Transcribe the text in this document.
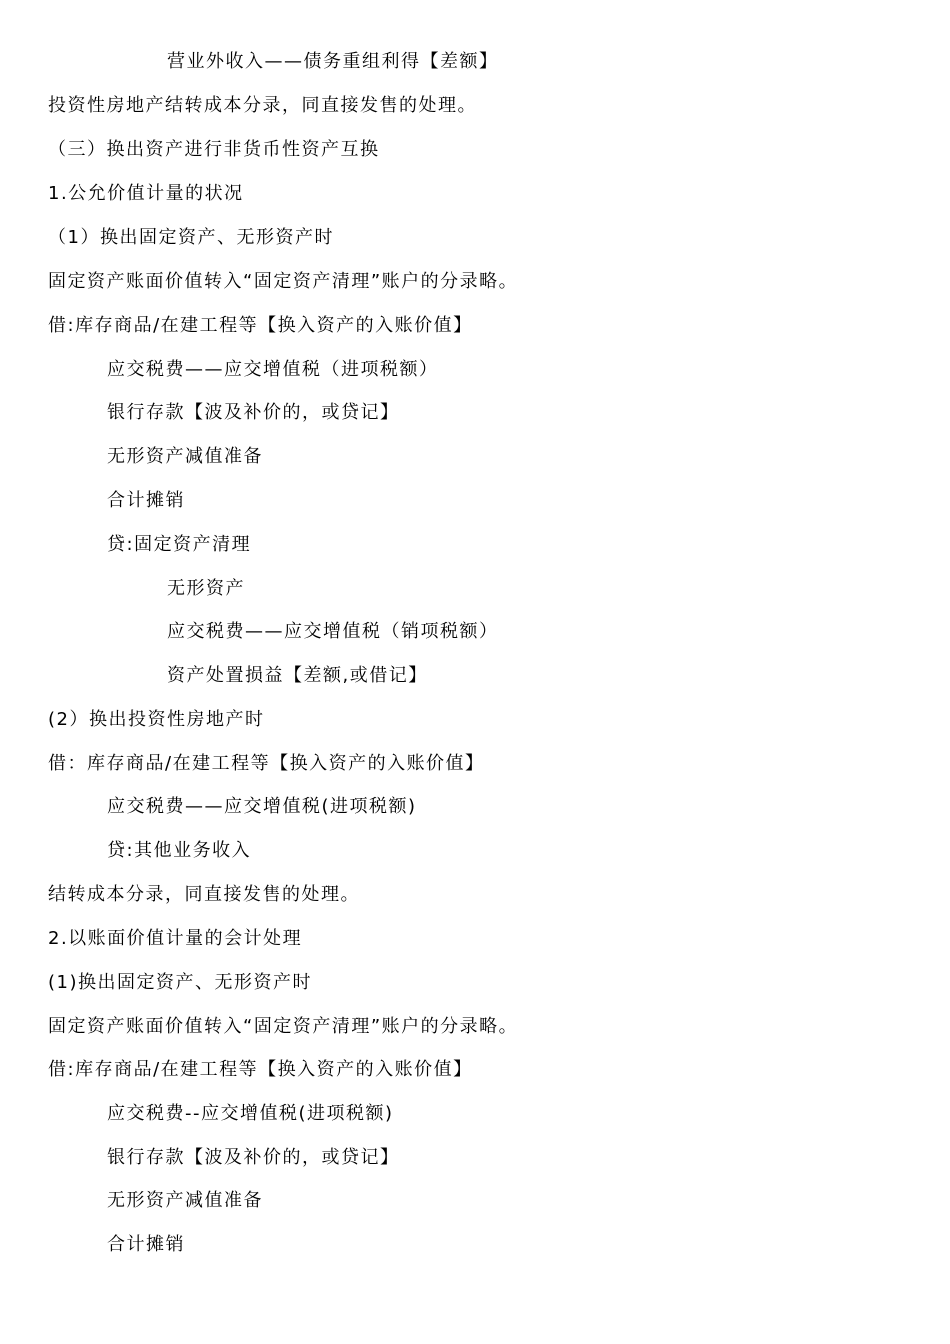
营业外收入——债务重组利得【差额】
投资性房地产结转成本分录，同直接发售的处理。
（三）换出资产进行非货币性资产互换
1.公允价值计量的状况
（1）换出固定资产、无形资产时
固定资产账面价值转入“固定资产清理”账户的分录略。
借:库存商品/在建工程等【换入资产的入账价值】
应交税费——应交增值税（进项税额）
银行存款【波及补价的，或贷记】
无形资产减值准备
合计摊销
贷:固定资产清理
无形资产
应交税费——应交增值税（销项税额）
资产处置损益【差额,或借记】
(2）换出投资性房地产时
借：库存商品/在建工程等【换入资产的入账价值】
应交税费——应交增值税(进项税额)
贷:其他业务收入
结转成本分录，同直接发售的处理。
2.以账面价值计量的会计处理
(1)换出固定资产、无形资产时
固定资产账面价值转入“固定资产清理”账户的分录略。
借:库存商品/在建工程等【换入资产的入账价值】
应交税费--应交增值税(进项税额)
银行存款【波及补价的，或贷记】
无形资产减值准备
合计摊销
